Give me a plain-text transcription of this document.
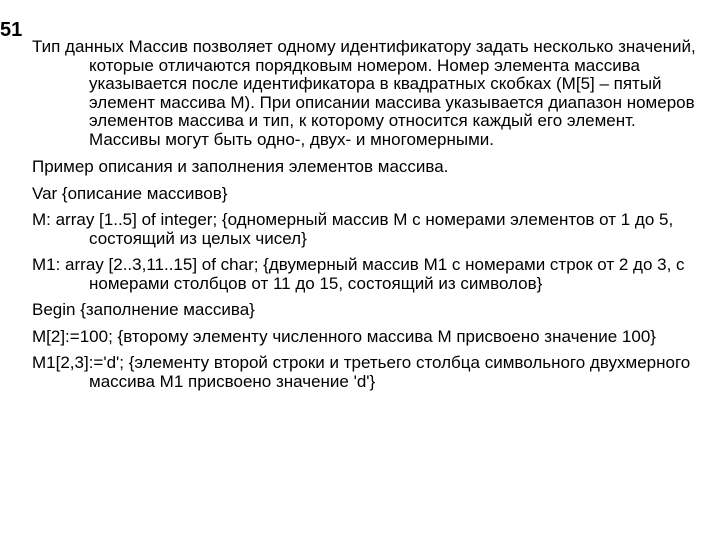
51

Тип данных Массив позволяет одному идентификатору задать несколько значений, которые отличаются порядковым номером. Номер элемента массива указывается после идентификатора в квадратных скобках (M[5] – пятый элемент массива M). При описании массива указывается диапазон номеров элементов массива и тип, к которому относится каждый его элемент. Массивы могут быть одно-, двух- и многомерными.

Пример описания и заполнения элементов массива.

Var {описание массивов}

M: array [1..5] of integer; {одномерный массив M с номерами элементов от 1 до 5, состоящий из целых чисел}

M1: array [2..3,11..15] of char; {двумерный массив M1 с номерами строк от 2 до 3, с номерами столбцов от 11 до 15, состоящий из символов}

Begin {заполнение массива}

M[2]:=100; {второму элементу численного массива M присвоено значение 100}

M1[2,3]:='d'; {элементу второй строки и третьего столбца символьного двухмерного массива M1 присвоено значение 'd'}
